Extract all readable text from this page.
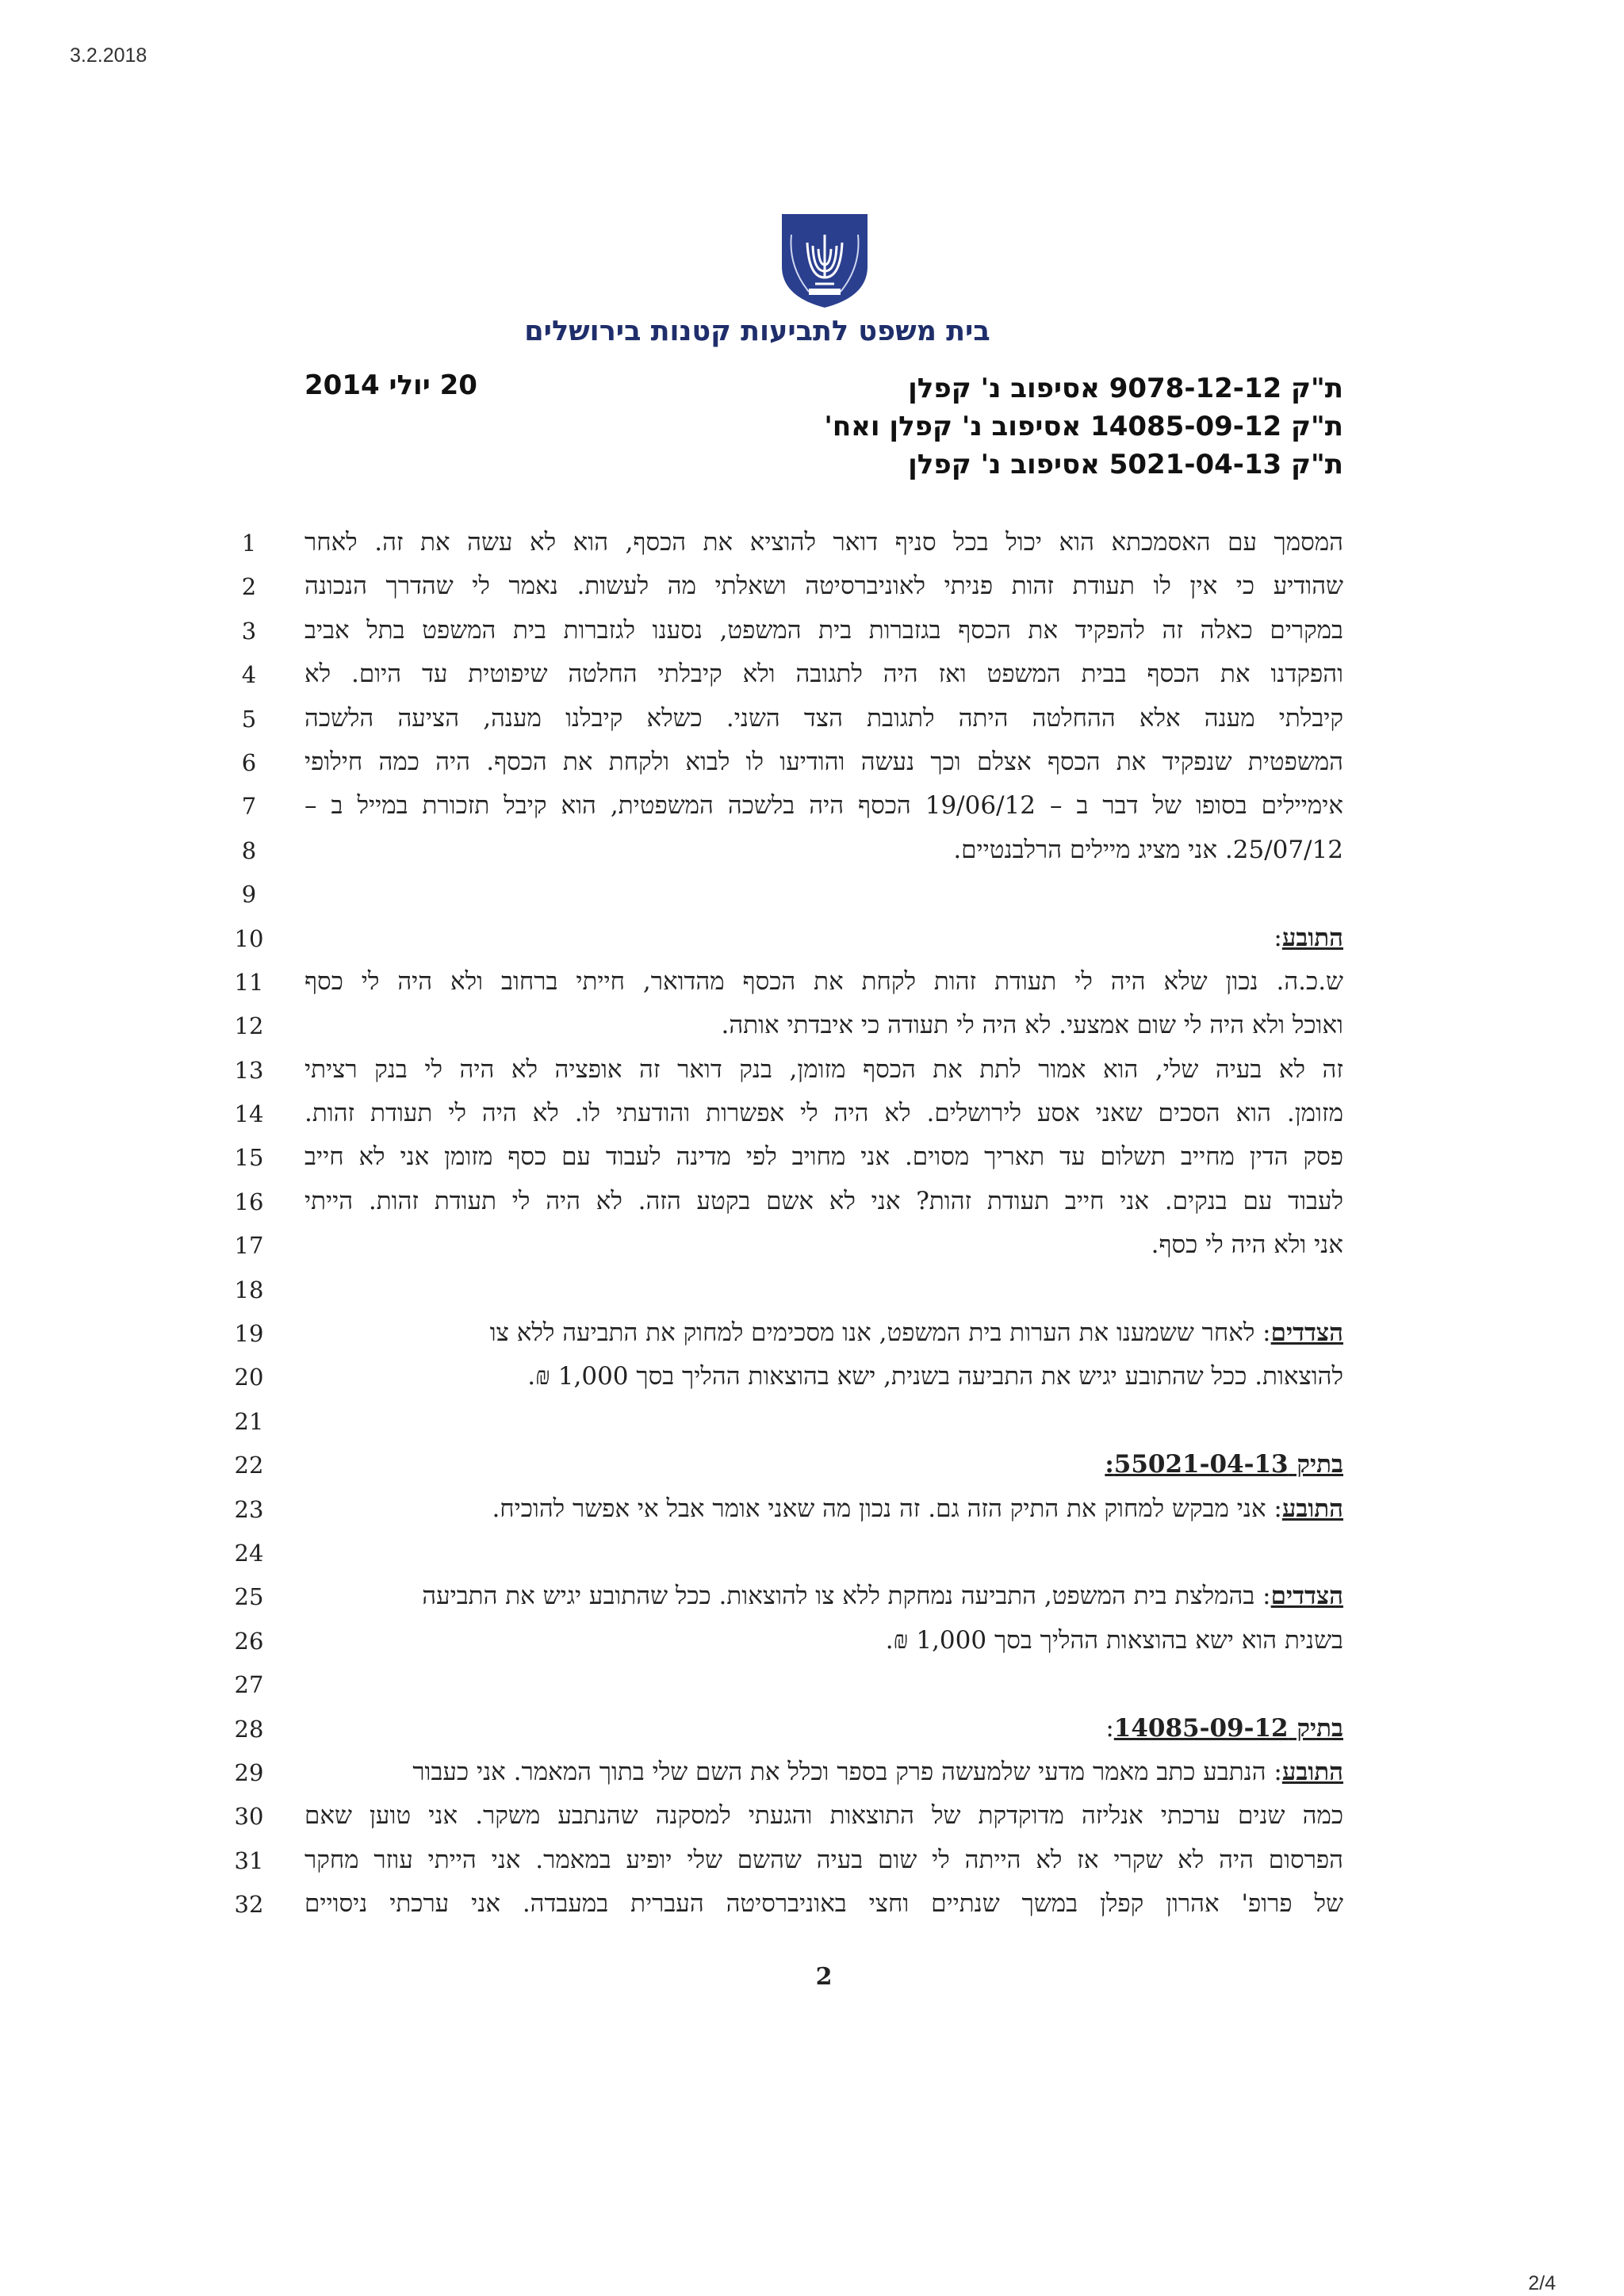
3.2.2018
בית משפט לתביעות קטנות בירושלים
20 יולי 2014	ת"ק 9078-12-12 אסיפוב נ' קפלן
ת"ק 14085-09-12 אסיפוב נ' קפלן ואח'
ת"ק 5021-04-13 אסיפוב נ' קפלן
1	המסמך עם האסמכתא הוא יכול בכל סניף דואר להוציא את הכסף, הוא לא עשה את זה. לאחר
2	שהודיע כי אין לו תעודת זהות פניתי לאוניברסיטה ושאלתי מה לעשות. נאמר לי שהדרך הנכונה
3	במקרים כאלה זה להפקיד את הכסף בגזברות בית המשפט, נסענו לגזברות בית המשפט בתל אביב
4	והפקדנו את הכסף בבית המשפט ואז היה לתגובה ולא קיבלתי החלטה שיפוטית עד היום. לא
5	קיבלתי מענה אלא ההחלטה היתה לתגובת הצד השני. כשלא קיבלנו מענה, הציעה הלשכה
6	המשפטית שנפקיד את הכסף אצלם וכך נעשה והודיעו לו לבוא ולקחת את הכסף. היה כמה חילופי
7	אימיילים בסופו של דבר ב – 19/06/12 הכסף היה בלשכה המשפטית, הוא קיבל תזכורת במייל ב –
8	25/07/12. אני מציג מיילים הרלבנטיים.
9
10	התובע:
11 ש.כ.ה. נכון שלא היה לי תעודת זהות לקחת את הכסף מהדואר, חייתי ברחוב ולא היה לי כסף
12	ואוכל ולא היה לי שום אמצעי. לא היה לי תעודה כי איבדתי אותה.
13 זה לא בעיה שלי, הוא אמור לתת את הכסף מזומן, בנק דואר זה אופציה לא היה לי בנק רציתי
14 מזומן. הוא הסכים שאני אסע לירושלים. לא היה לי אפשרות והודעתי לו. לא היה לי תעודת זהות.
15 פסק הדין מחייב תשלום עד תאריך מסוים. אני מחויב לפי מדינה לעבוד עם כסף מזומן אני לא חייב
16 לעבוד עם בנקים. אני חייב תעודת זהות? אני לא אשם בקטע הזה. לא היה לי תעודת זהות. הייתי
17	אני ולא היה לי כסף.
18
19	הצדדים: לאחר ששמענו את הערות בית המשפט, אנו מסכימים למחוק את התביעה ללא צו
20	להוצאות. ככל שהתובע יגיש את התביעה בשנית, ישא בהוצאות ההליך בסך 1,000 ₪.
21
22	בתיק 55021-04-13:
23	התובע: אני מבקש למחוק את התיק הזה גם. זה נכון מה שאני אומר אבל אי אפשר להוכיח.
24
25	הצדדים: בהמלצת בית המשפט, התביעה נמחקת ללא צו להוצאות. ככל שהתובע יגיש את התביעה
26	בשנית הוא ישא בהוצאות ההליך בסך 1,000 ₪.
27
28	בתיק 14085-09-12:
29	התובע: הנתבע כתב מאמר מדעי שלמעשה פרק בספר וכלל את השם שלי בתוך המאמר. אני כעבור
30 כמה שנים ערכתי אנליזה מדוקדקת של התוצאות והגעתי למסקנה שהנתבע משקר. אני טוען שאם
31 הפרסום היה לא שקרי אז לא הייתה לי שום בעיה שהשם שלי יופיע במאמר. אני הייתי עוזר מחקר
32 של פרופ' אהרון קפלן במשך שנתיים וחצי באוניברסיטה העברית במעבדה. אני ערכתי ניסויים
2
2/4
